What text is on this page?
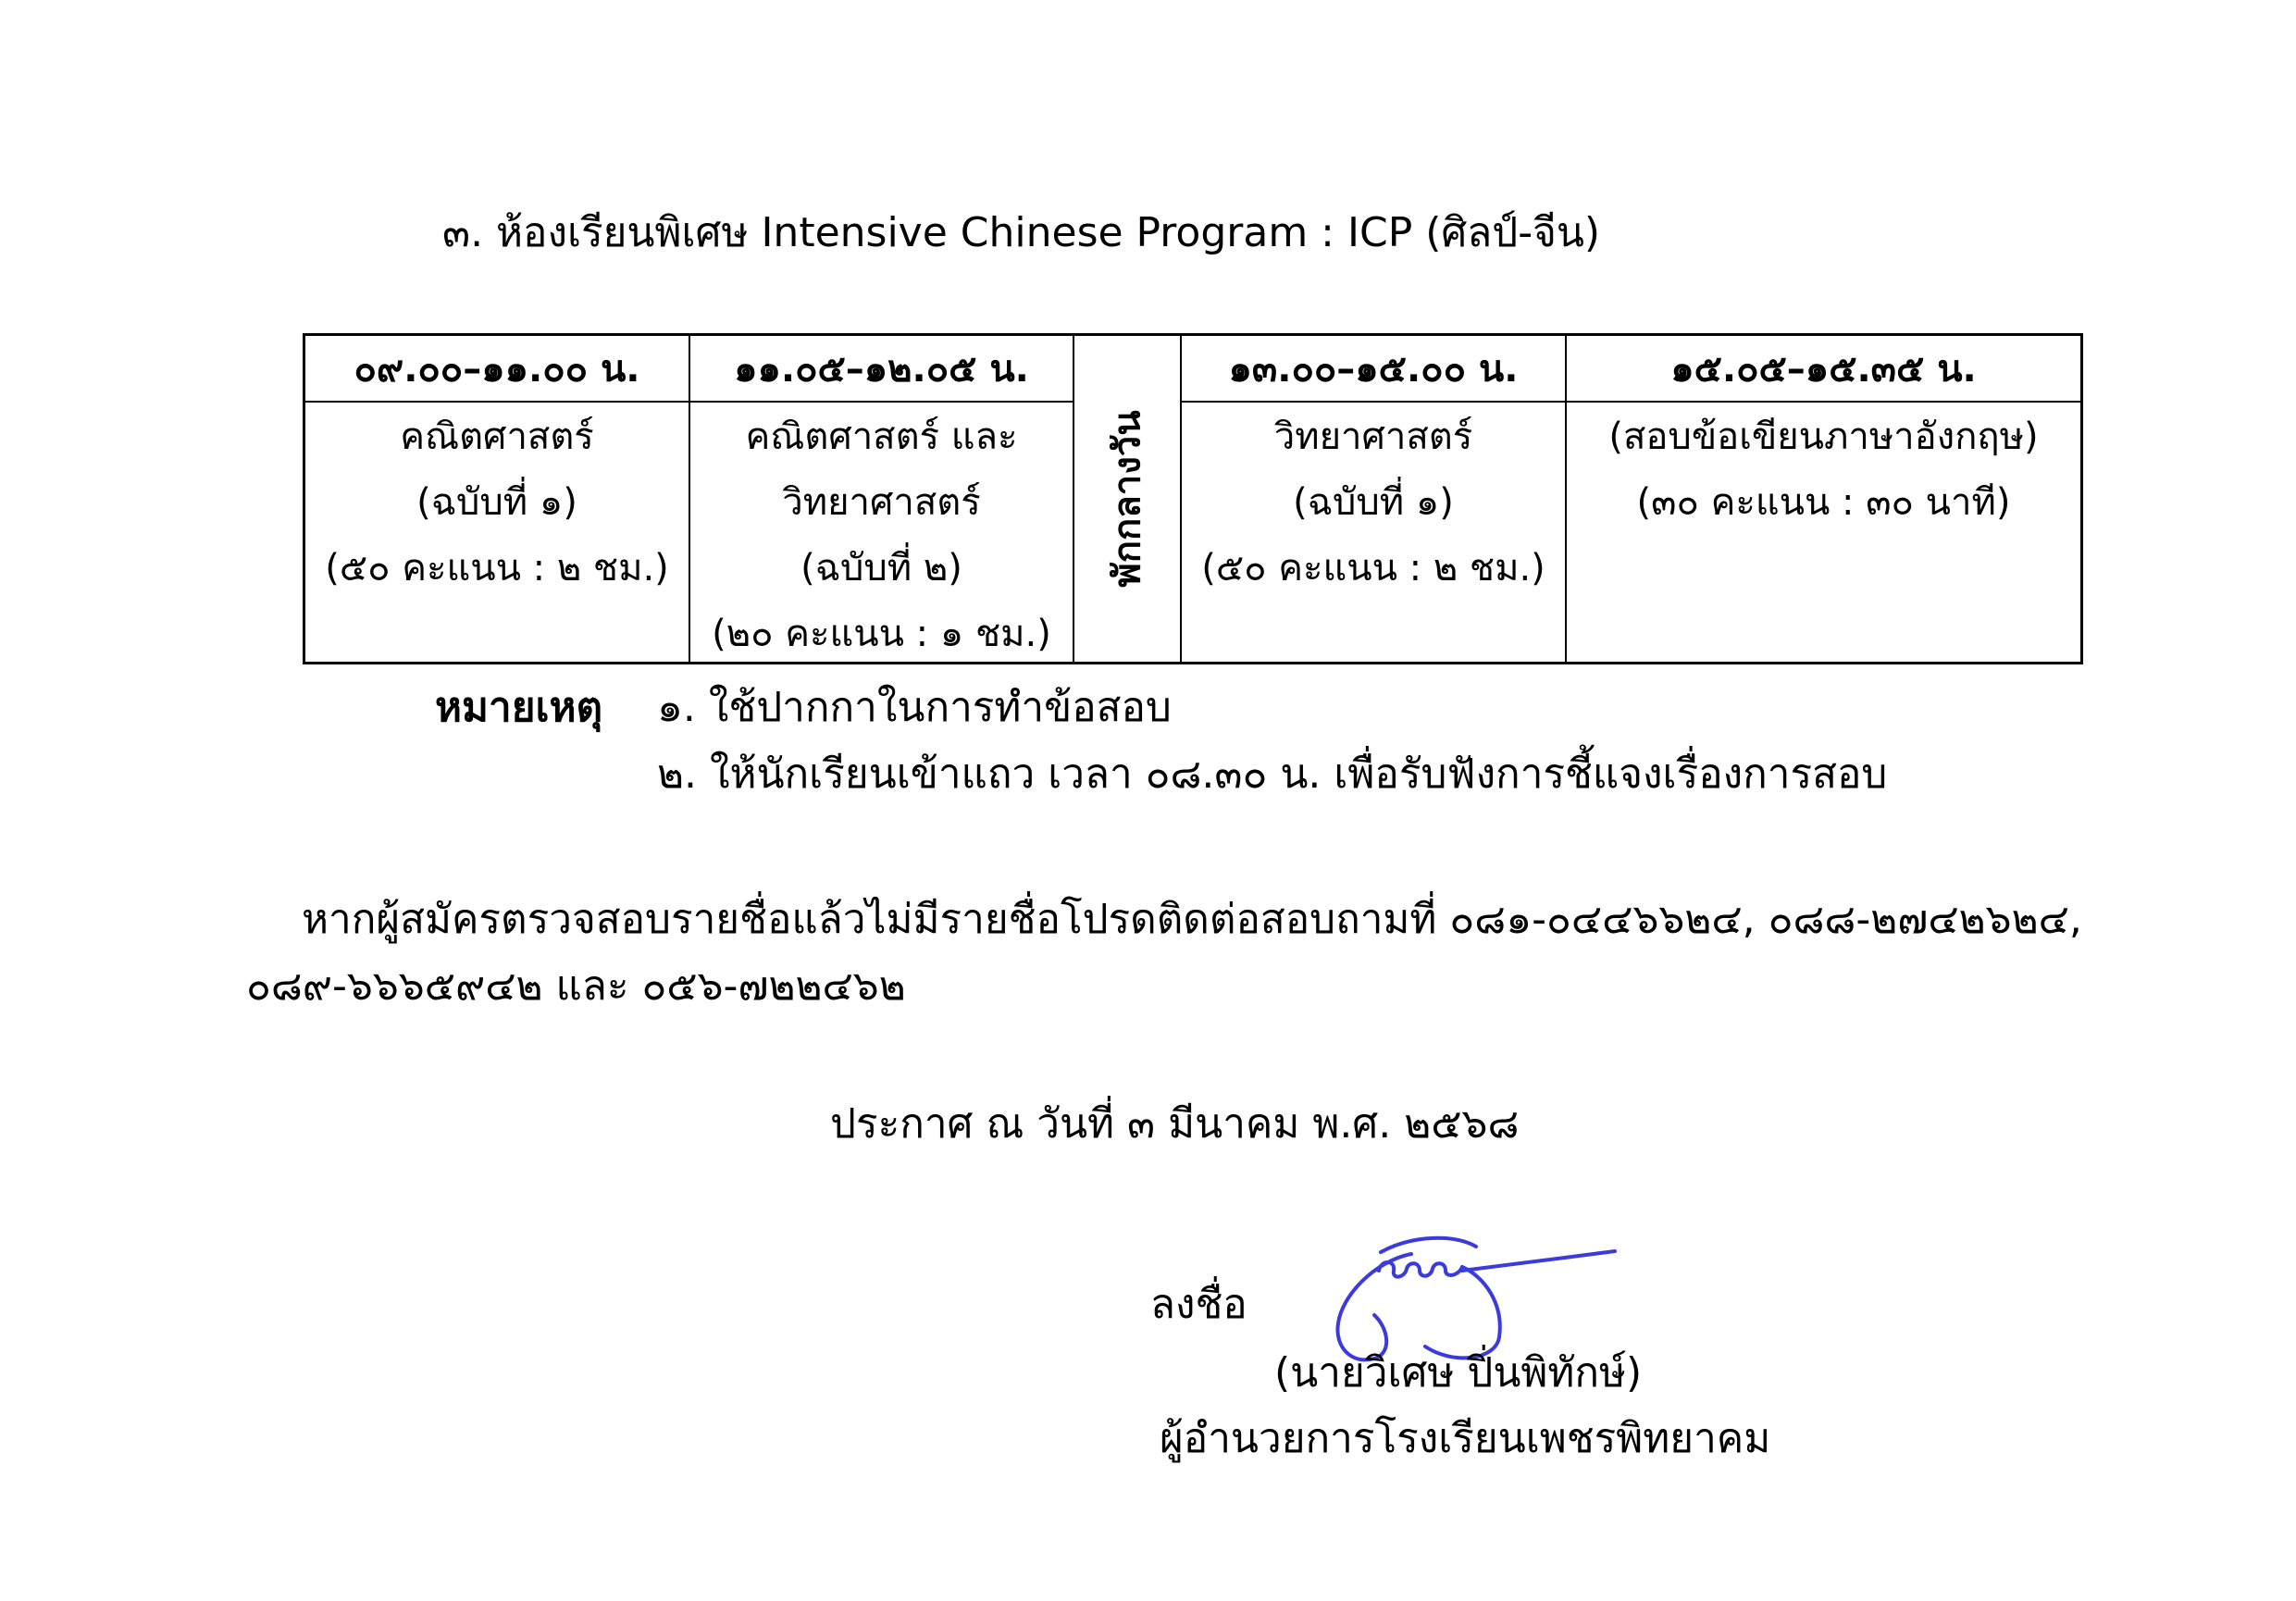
๓. ห้องเรียนพิเศษ Intensive Chinese Program : ICP (ศิลป์-จีน)
๐๙.๐๐–๑๑.๐๐ น.
คณิตศาสตร์
(ฉบับที่ ๑)
(๕๐ คะแนน : ๒ ชม.)
๑๑.๐๕–๑๒.๐๕ น.
คณิตศาสตร์ และ
วิทยาศาสตร์
(ฉบับที่ ๒)
(๒๐ คะแนน : ๑ ชม.)
พักกลางวัน
๑๓.๐๐–๑๕.๐๐ น.
วิทยาศาสตร์
(ฉบับที่ ๑)
(๕๐ คะแนน : ๒ ชม.)
๑๕.๐๕–๑๕.๓๕ น.
(สอบข้อเขียนภาษาอังกฤษ)
(๓๐ คะแนน : ๓๐ นาที)
หมายเหตุ ๑. ใช้ปากกาในการทำข้อสอบ
๒. ให้นักเรียนเข้าแถว เวลา ๐๘.๓๐ น. เพื่อรับฟังการชี้แจงเรื่องการสอบ
หากผู้สมัครตรวจสอบรายชื่อแล้วไม่มีรายชื่อโปรดติดต่อสอบถามที่ ๐๘๑-๐๔๔๖๖๒๔, ๐๘๘-๒๗๔๒๖๒๔,
๐๘๙-๖๖๖๕๙๔๒ และ ๐๕๖-๗๒๒๔๖๒
ประกาศ ณ วันที่ ๓ มีนาคม พ.ศ. ๒๕๖๘
ลงชื่อ
(นายวิเศษ ปิ่นพิทักษ์)
ผู้อำนวยการโรงเรียนเพชรพิทยาคม
